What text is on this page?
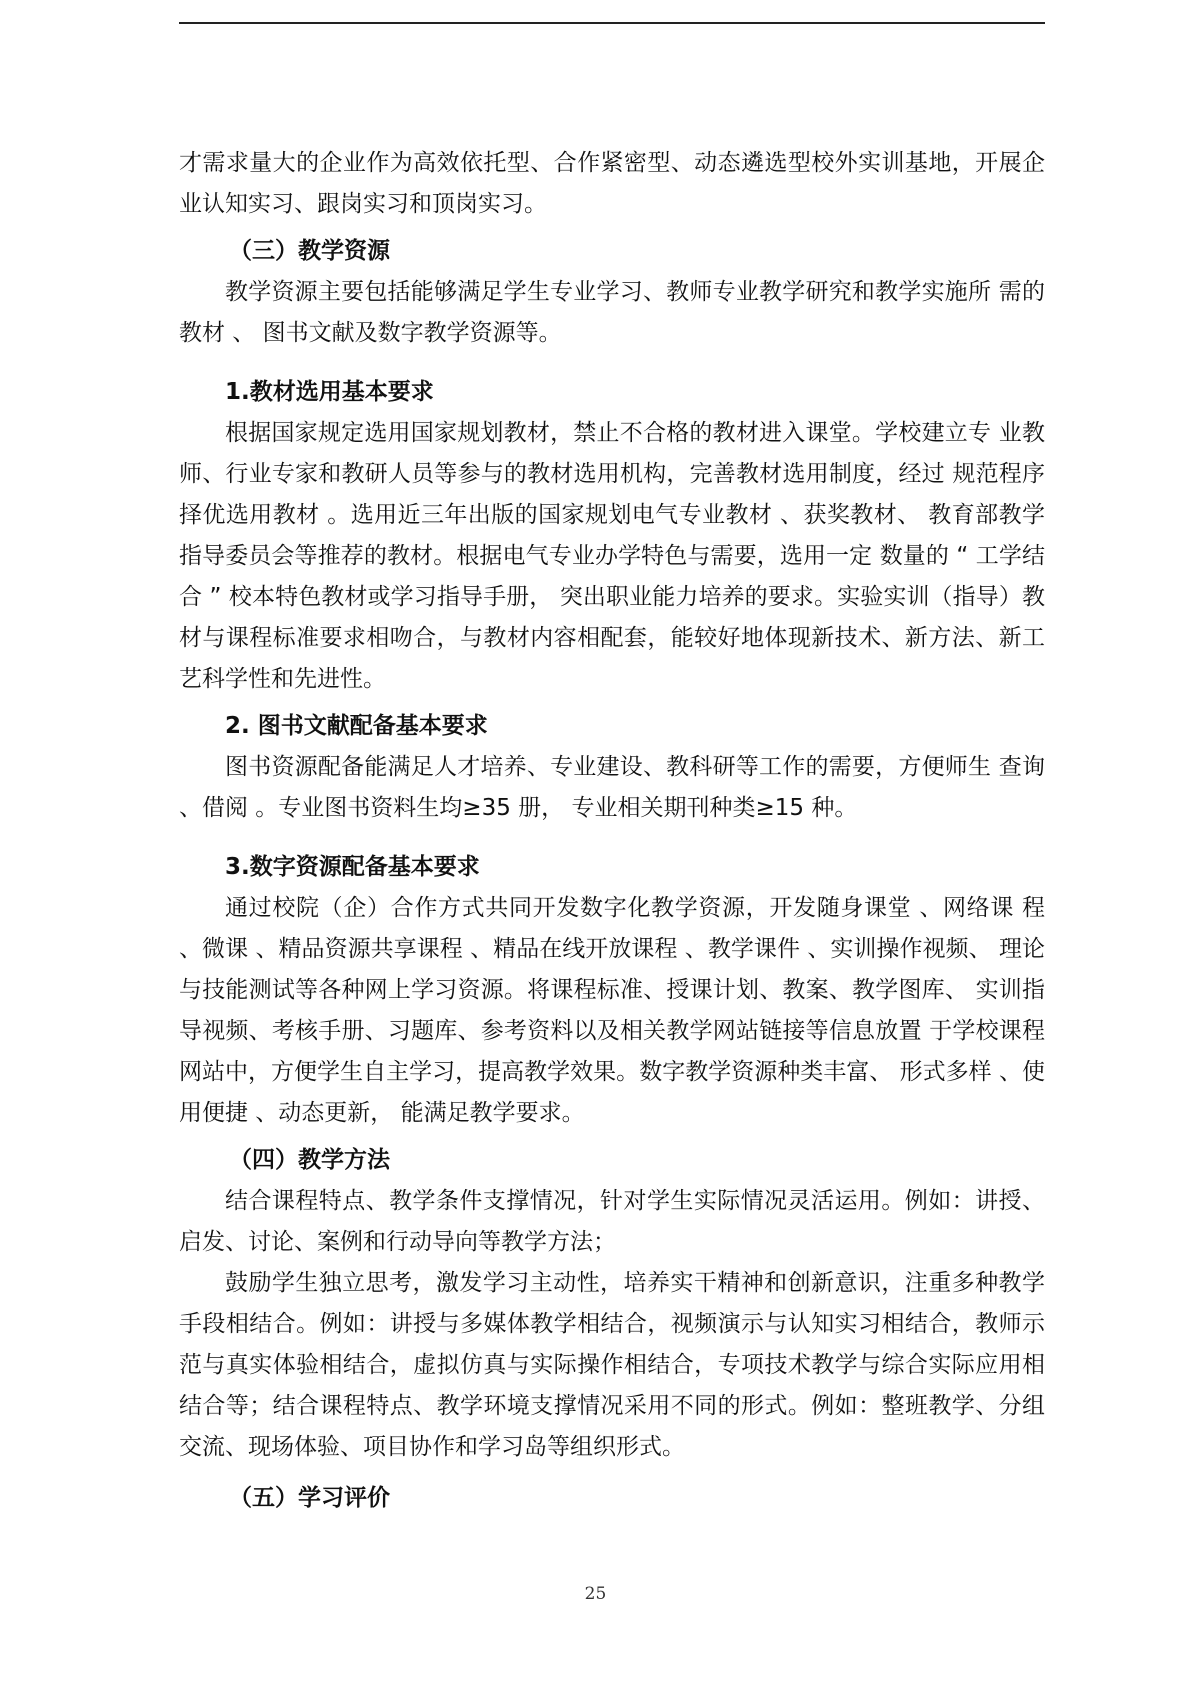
才需求量大的企业作为高效依托型、合作紧密型、动态遴选型校外实训基地，开展企业认知实习、跟岗实习和顶岗实习。

（三）教学资源

教学资源主要包括能够满足学生专业学习、教师专业教学研究和教学实施所 需的教材 、 图书文献及数字教学资源等。

1.教材选用基本要求

根据国家规定选用国家规划教材，禁止不合格的教材进入课堂。学校建立专 业教师、行业专家和教研人员等参与的教材选用机构，完善教材选用制度，经过 规范程序择优选用教材 。选用近三年出版的国家规划电气专业教材 、获奖教材、 教育部教学指导委员会等推荐的教材。根据电气专业办学特色与需要，选用一定 数量的 “ 工学结合 ” 校本特色教材或学习指导手册， 突出职业能力培养的要求。实验实训（指导）教材与课程标准要求相吻合，与教材内容相配套，能较好地体现新技术、新方法、新工艺科学性和先进性。

2. 图书文献配备基本要求

图书资源配备能满足人才培养、专业建设、教科研等工作的需要，方便师生 查询 、借阅 。专业图书资料生均≥35 册， 专业相关期刊种类≥15 种。

3.数字资源配备基本要求

通过校院（企）合作方式共同开发数字化教学资源，开发随身课堂 、网络课 程 、微课 、精品资源共享课程 、精品在线开放课程 、教学课件 、实训操作视频、 理论与技能测试等各种网上学习资源。将课程标准、授课计划、教案、教学图库、 实训指导视频、考核手册、习题库、参考资料以及相关教学网站链接等信息放置 于学校课程网站中，方便学生自主学习，提高教学效果。数字教学资源种类丰富、 形式多样 、使用便捷 、动态更新， 能满足教学要求。

（四）教学方法

结合课程特点、教学条件支撑情况，针对学生实际情况灵活运用。例如：讲授、启发、讨论、案例和行动导向等教学方法；

鼓励学生独立思考，激发学习主动性，培养实干精神和创新意识，注重多种教学手段相结合。例如：讲授与多媒体教学相结合，视频演示与认知实习相结合，教师示范与真实体验相结合，虚拟仿真与实际操作相结合，专项技术教学与综合实际应用相结合等；结合课程特点、教学环境支撑情况采用不同的形式。例如：整班教学、分组交流、现场体验、项目协作和学习岛等组织形式。

（五）学习评价
25
